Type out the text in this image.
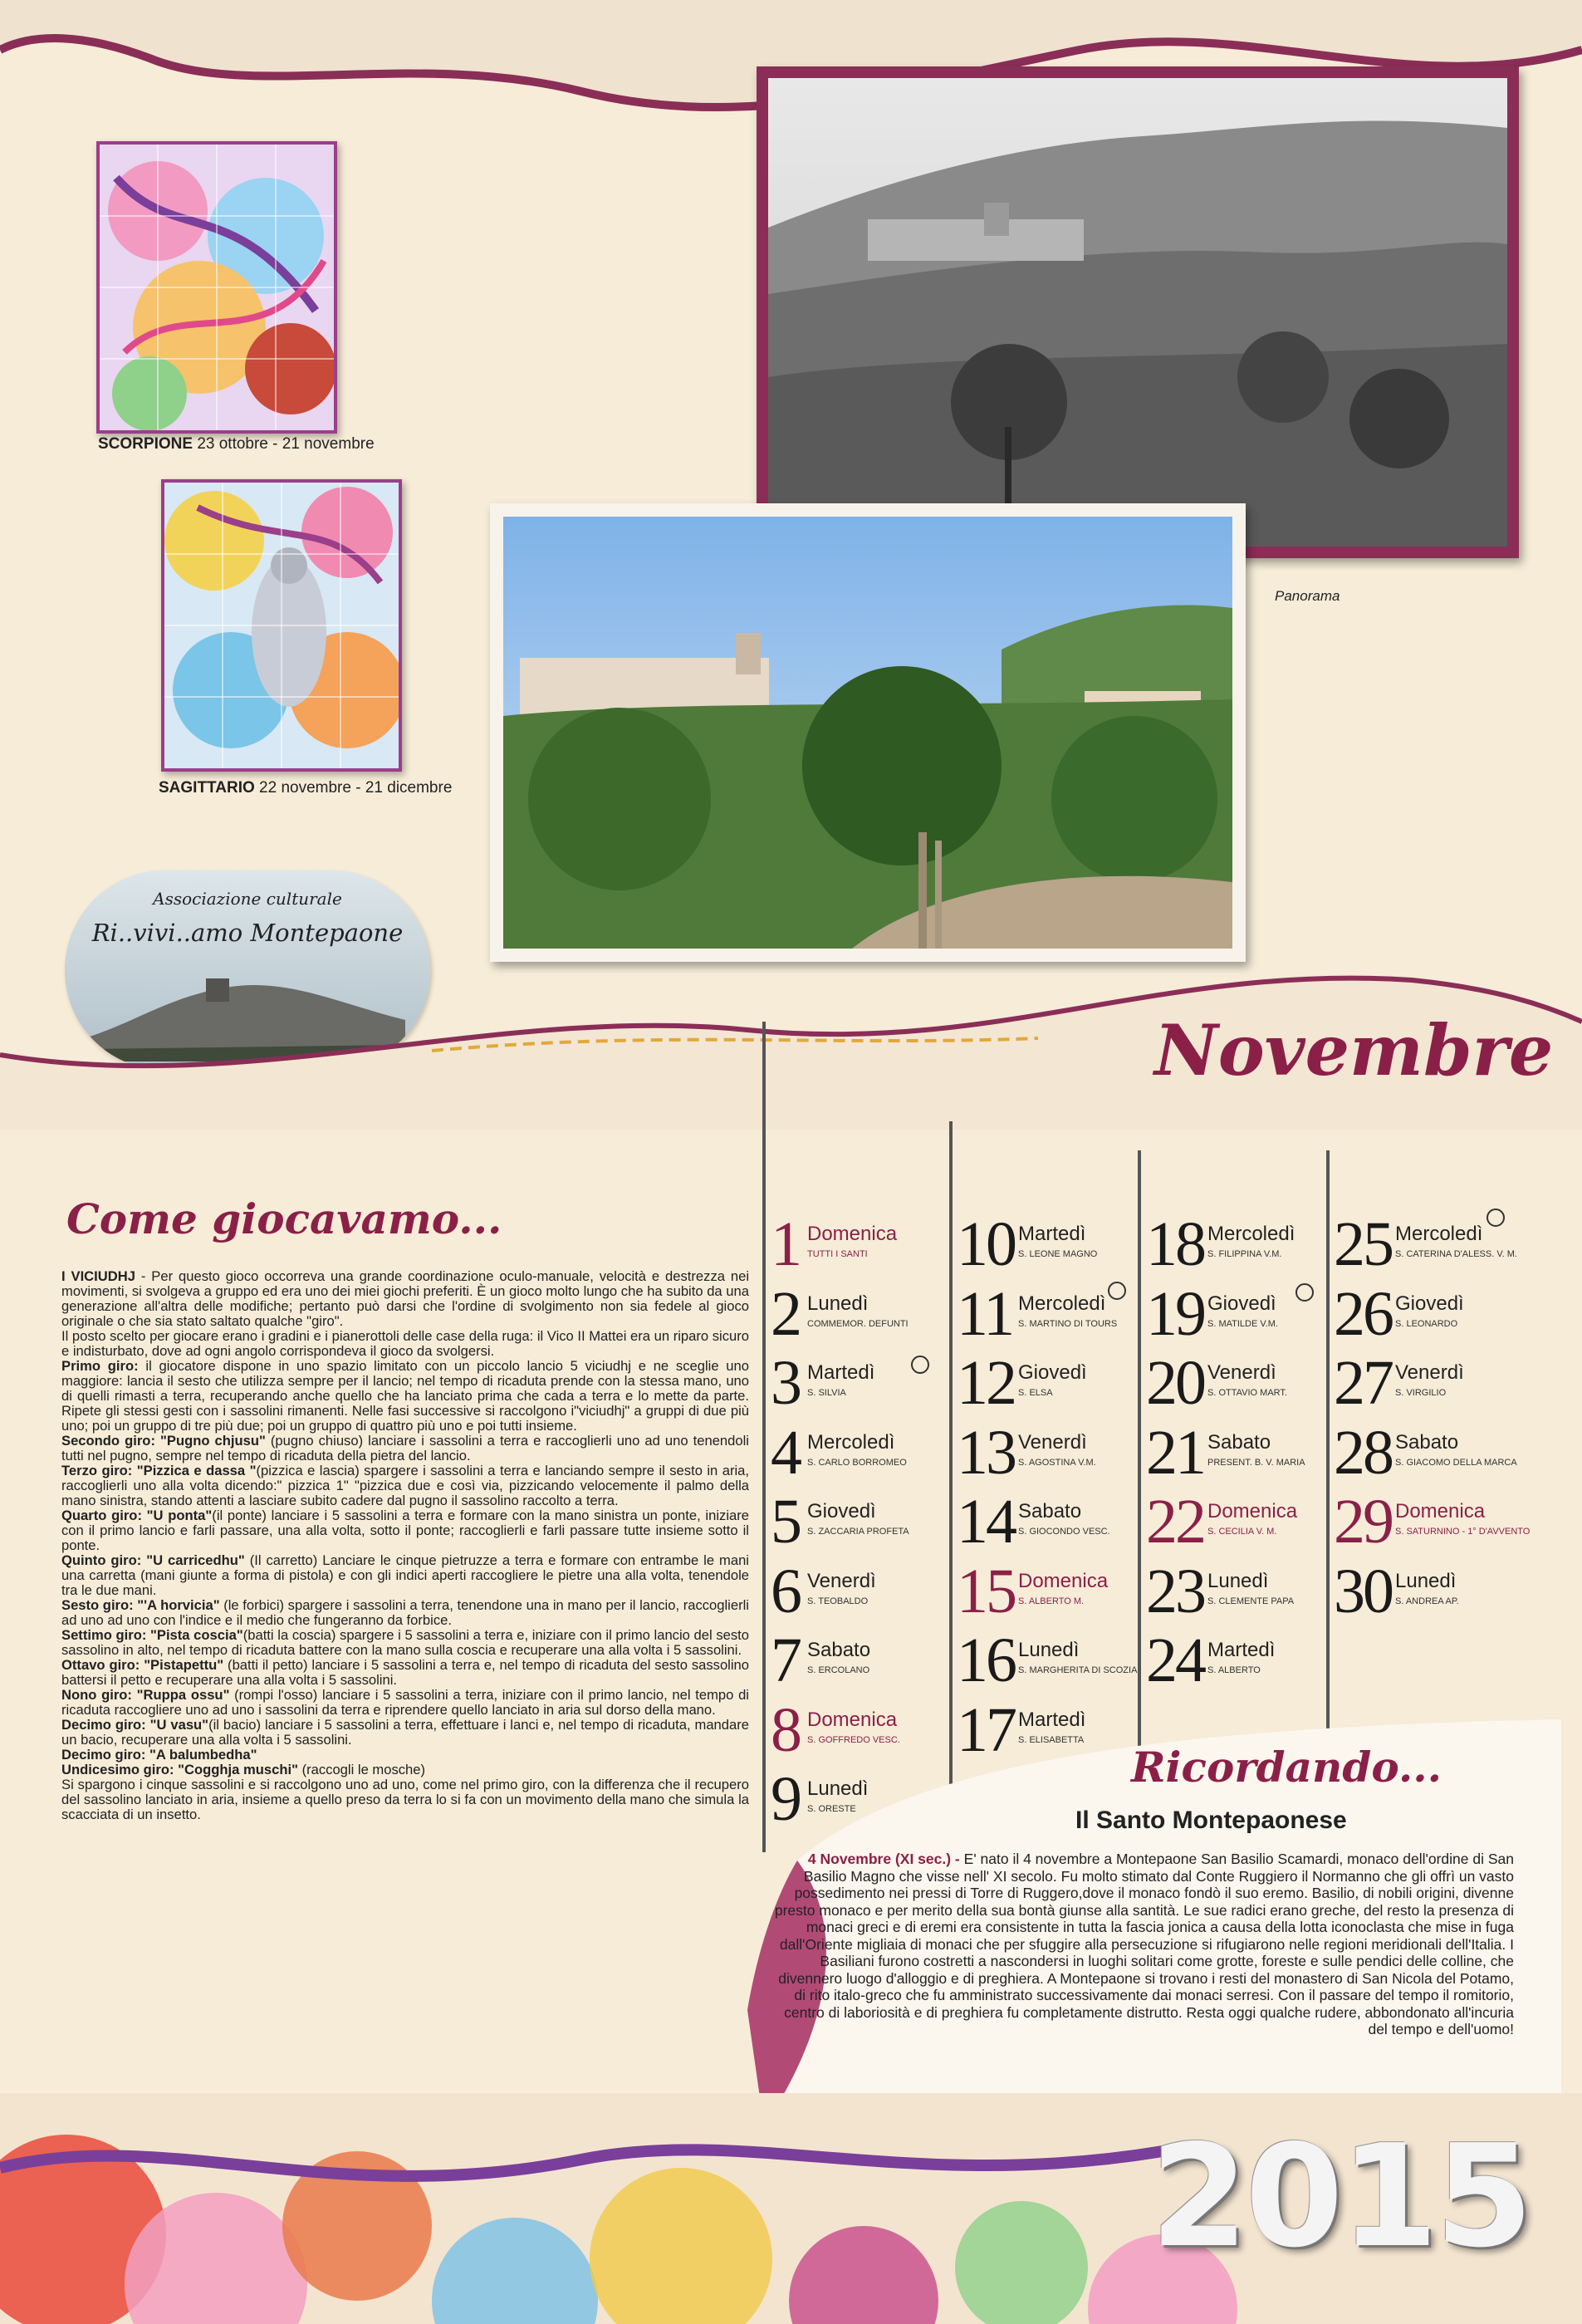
Panorama
SCORPIONE 23 ottobre - 21 novembre
SAGITTARIO 22 novembre - 21 dicembre
Associazione culturale
Ri..vivi..amo Montepaone
Novembre
1 Domenica
TUTTI I SANTI
2 Lunedì
COMMEMOR. DEFUNTI
3 Martedì
S. SILVIA
4 Mercoledì
S. CARLO BORROMEO
5 Giovedì
S. ZACCARIA PROFETA
6 Venerdì
S. TEOBALDO
7 Sabato
S. ERCOLANO
8 Domenica
S. GOFFREDO VESC.
9 Lunedì
S. ORESTE
10 Martedì
S. LEONE MAGNO
11 Mercoledì
S. MARTINO DI TOURS
12 Giovedì
S. ELSA
13 Venerdì
S. AGOSTINA V.M.
14 Sabato
S. GIOCONDO VESC.
15 Domenica
S. ALBERTO M.
16 Lunedì
S. MARGHERITA DI SCOZIA
17 Martedì
S. ELISABETTA
18 Mercoledì
S. FILIPPINA V.M.
19 Giovedì
S. MATILDE V.M.
20 Venerdì
S. OTTAVIO MART.
21 Sabato
PRESENT. B. V. MARIA
22 Domenica
S. CECILIA V. M.
23 Lunedì
S. CLEMENTE PAPA
24 Martedì
S. ALBERTO
25 Mercoledì
S. CATERINA D'ALESS. V. M.
26 Giovedì
S. LEONARDO
27 Venerdì
S. VIRGILIO
28 Sabato
S. GIACOMO DELLA MARCA
29 Domenica
S. SATURNINO - 1° D'AVVENTO
30 Lunedì
S. ANDREA AP.
Come giocavamo...

I VICIUDHJ - Per questo gioco occorreva una grande coordinazione oculo-manuale, velocità e destrezza nei movimenti, si svolgeva a gruppo ed era uno dei miei giochi preferiti. È un gioco molto lungo che ha subito da una generazione all'altra delle modifiche; pertanto può darsi che l'ordine di svolgimento non sia fedele al gioco originale o che sia stato saltato qualche "giro".

Il posto scelto per giocare erano i gradini e i pianerottoli delle case della ruga: il Vico II Mattei era un riparo sicuro e indisturbato, dove ad ogni angolo corrispondeva il gioco da svolgersi.

Primo giro: il giocatore dispone in uno spazio limitato con un piccolo lancio 5 viciudhj e ne sceglie uno maggiore: lancia il sesto che utilizza sempre per il lancio; nel tempo di ricaduta prende con la stessa mano, uno di quelli rimasti a terra, recuperando anche quello che ha lanciato prima che cada a terra e lo mette da parte. Ripete gli stessi gesti con i sassolini rimanenti. Nelle fasi successive si raccolgono i"viciudhj" a gruppi di due più uno; poi un gruppo di tre più due; poi un gruppo di quattro più uno e poi tutti insieme.

Secondo giro: "Pugno chjusu" (pugno chiuso) lanciare i sassolini a terra e raccoglierli uno ad uno tenendoli tutti nel pugno, sempre nel tempo di ricaduta della pietra del lancio.

Terzo giro: "Pizzica e dassa "(pizzica e lascia) spargere i sassolini a terra e lanciando sempre il sesto in aria, raccoglierli uno alla volta dicendo:" pizzica 1" "pizzica due e così via, pizzicando velocemente il palmo della mano sinistra, stando attenti a lasciare subito cadere dal pugno il sassolino raccolto a terra.

Quarto giro: "U ponta"(il ponte) lanciare i 5 sassolini a terra e formare con la mano sinistra un ponte, iniziare con il primo lancio e farli passare, una alla volta, sotto il ponte; raccoglierli e farli passare tutte insieme sotto il ponte.

Quinto giro: "U carricedhu" (Il carretto) Lanciare le cinque pietruzze a terra e formare con entrambe le mani una carretta (mani giunte a forma di pistola) e con gli indici aperti raccogliere le pietre una alla volta, tenendole tra le due mani.

Sesto giro: "'A horvicia" (le forbici) spargere i sassolini a terra, tenendone una in mano per il lancio, raccoglierli ad uno ad uno con l'indice e il medio che fungeranno da forbice.

Settimo giro: "Pista coscia"(batti la coscia) spargere i 5 sassolini a terra e, iniziare con il primo lancio del sesto sassolino in alto, nel tempo di ricaduta battere con la mano sulla coscia e recuperare una alla volta i 5 sassolini.

Ottavo giro: "Pistapettu" (batti il petto) lanciare i 5 sassolini a terra e, nel tempo di ricaduta del sesto sassolino battersi il petto e recuperare una alla volta i 5 sassolini.

Nono giro: "Ruppa ossu" (rompi l'osso) lanciare i 5 sassolini a terra, iniziare con il primo lancio, nel tempo di ricaduta raccogliere uno ad uno i sassolini da terra e riprendere quello lanciato in aria sul dorso della mano.

Decimo giro: "U vasu"(il bacio) lanciare i 5 sassolini a terra, effettuare i lanci e, nel tempo di ricaduta, mandare un bacio, recuperare una alla volta i 5 sassolini.

Decimo giro: "A balumbedha"

Undicesimo giro: "Cogghja muschi" (raccogli le mosche)

Si spargono i cinque sassolini e si raccolgono uno ad uno, come nel primo giro, con la differenza che il recupero del sassolino lanciato in aria, insieme a quello preso da terra lo si fa con un movimento della mano che simula la scacciata di un insetto.

Ricordando...
Il Santo Montepaonese
4 Novembre (XI sec.) - E' nato il 4 novembre a Montepaone San Basilio Scamardi, monaco dell'ordine di San Basilio Magno che visse nell' XI secolo. Fu molto stimato dal Conte Ruggiero il Normanno che gli offrì un vasto possedimento nei pressi di Torre di Ruggero,dove il monaco fondò il suo eremo. Basilio, di nobili origini, divenne presto monaco e per merito della sua bontà giunse alla santità. Le sue radici erano greche, del resto la presenza di monaci greci e di eremi era consistente in tutta la fascia jonica a causa della lotta iconoclasta che mise in fuga dall'Oriente migliaia di monaci che per sfuggire alla persecuzione si rifugiarono nelle regioni meridionali dell'Italia. I Basiliani furono costretti a nascondersi in luoghi solitari come grotte, foreste e sulle pendici delle colline, che divennero luogo d'alloggio e di preghiera. A Montepaone si trovano i resti del monastero di San Nicola del Potamo, di rito italo-greco che fu amministrato successivamente dai monaci serresi. Con il passare del tempo il romitorio, centro di laboriosità e di preghiera fu completamente distrutto. Resta oggi qualche rudere, abbondonato all'incuria del tempo e dell'uomo!
2015
